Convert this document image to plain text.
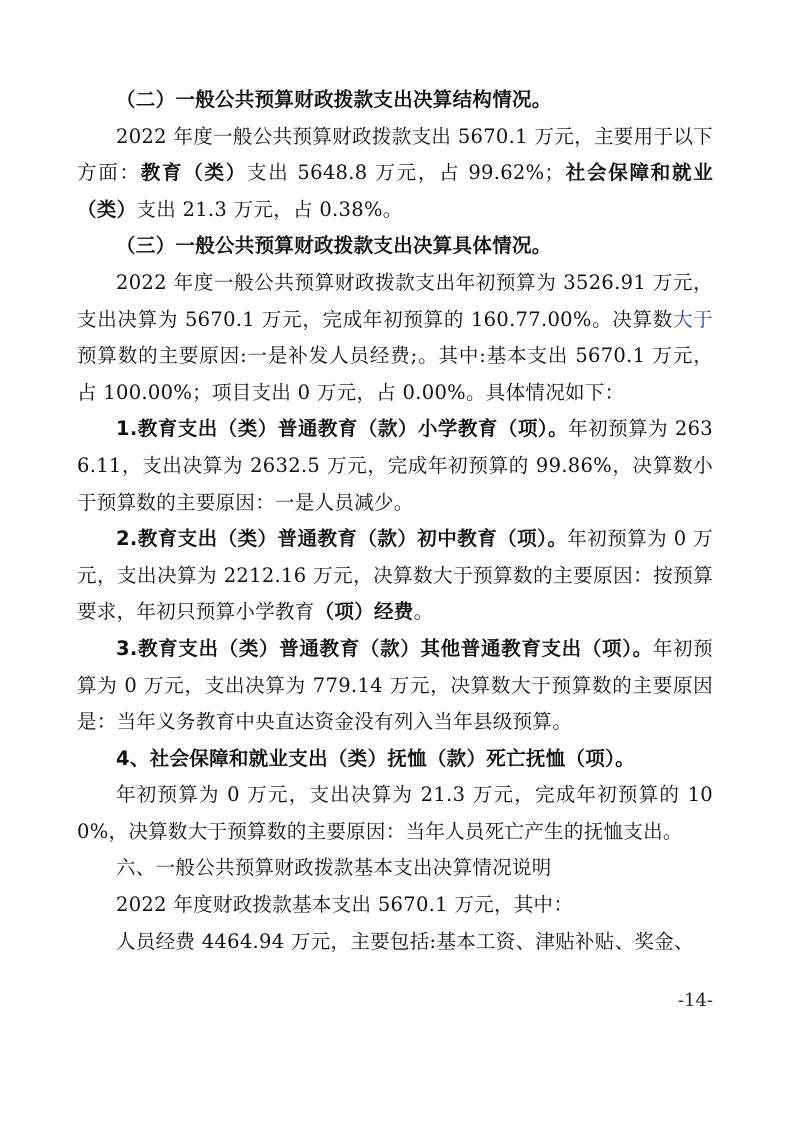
（二）一般公共预算财政拨款支出决算结构情况。

2022 年度一般公共预算财政拨款支出 5670.1 万元，主要用于以下方面：教育（类）支出 5648.8 万元，占 99.62%；社会保障和就业（类）支出 21.3 万元，占 0.38%。

（三）一般公共预算财政拨款支出决算具体情况。

2022 年度一般公共预算财政拨款支出年初预算为 3526.91 万元，支出决算为 5670.1 万元，完成年初预算的 160.77.00%。决算数大于预算数的主要原因:一是补发人员经费;。其中:基本支出 5670.1 万元，占 100.00%；项目支出 0 万元，占 0.00%。具体情况如下：

1.教育支出（类）普通教育（款）小学教育（项）。年初预算为 2636.11，支出决算为 2632.5 万元，完成年初预算的 99.86%，决算数小于预算数的主要原因：一是人员减少。

2.教育支出（类）普通教育（款）初中教育（项）。年初预算为 0 万元，支出决算为 2212.16 万元，决算数大于预算数的主要原因：按预算要求，年初只预算小学教育（项）经费。

3.教育支出（类）普通教育（款）其他普通教育支出（项）。年初预算为 0 万元，支出决算为 779.14 万元，决算数大于预算数的主要原因是：当年义务教育中央直达资金没有列入当年县级预算。

4、社会保障和就业支出（类）抚恤（款）死亡抚恤（项）。

年初预算为 0 万元，支出决算为 21.3 万元，完成年初预算的 100%，决算数大于预算数的主要原因：当年人员死亡产生的抚恤支出。

六、一般公共预算财政拨款基本支出决算情况说明

2022 年度财政拨款基本支出 5670.1 万元，其中：

人员经费 4464.94 万元，主要包括:基本工资、津贴补贴、奖金、

-14-
